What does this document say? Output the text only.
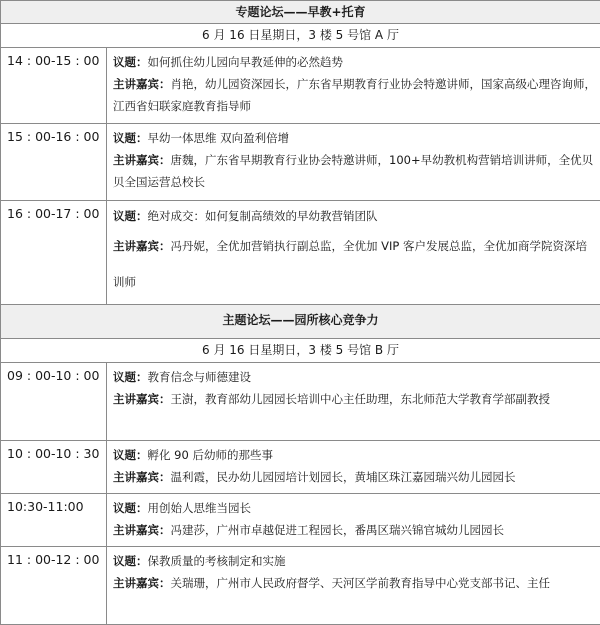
专题论坛——早教+托育	
6 月 16 日星期日，3 楼 5 号馆 A 厅	
14 : 00-15 : 00	议题：如何抓住幼儿园向早教延伸的必然趋势
主讲嘉宾：肖艳，幼儿园资深园长，广东省早期教育行业协会特邀讲师，国家高级心理咨询师，江西省妇联家庭教育指导师

15 : 00-16 : 00	议题：早幼一体思维 双向盈利倍增
主讲嘉宾：唐魏，广东省早期教育行业协会特邀讲师，100+早幼教机构营销培训讲师，全优贝贝全国运营总校长

16 : 00-17 : 00	议题：绝对成交：如何复制高绩效的早幼教营销团队
主讲嘉宾：冯丹妮，全优加营销执行副总监，全优加 VIP 客户发展总监，全优加商学院资深培训师

主题论坛——园所核心竞争力	
6 月 16 日星期日，3 楼 5 号馆 B 厅	
09 : 00-10 : 00	议题：教育信念与师德建设
主讲嘉宾：王澍，教育部幼儿园园长培训中心主任助理，东北师范大学教育学部副教授

10 : 00-10 : 30	议题：孵化 90 后幼师的那些事
主讲嘉宾：温利霞，民办幼儿园园培计划园长，黄埔区珠江嘉园瑞兴幼儿园园长

10:30-11:00	议题：用创始人思维当园长
主讲嘉宾：冯建莎，广州市卓越促进工程园长，番禺区瑞兴锦官城幼儿园园长

11 : 00-12 : 00	议题：保教质量的考核制定和实施
主讲嘉宾：关瑞珊，广州市人民政府督学、天河区学前教育指导中心党支部书记、主任
